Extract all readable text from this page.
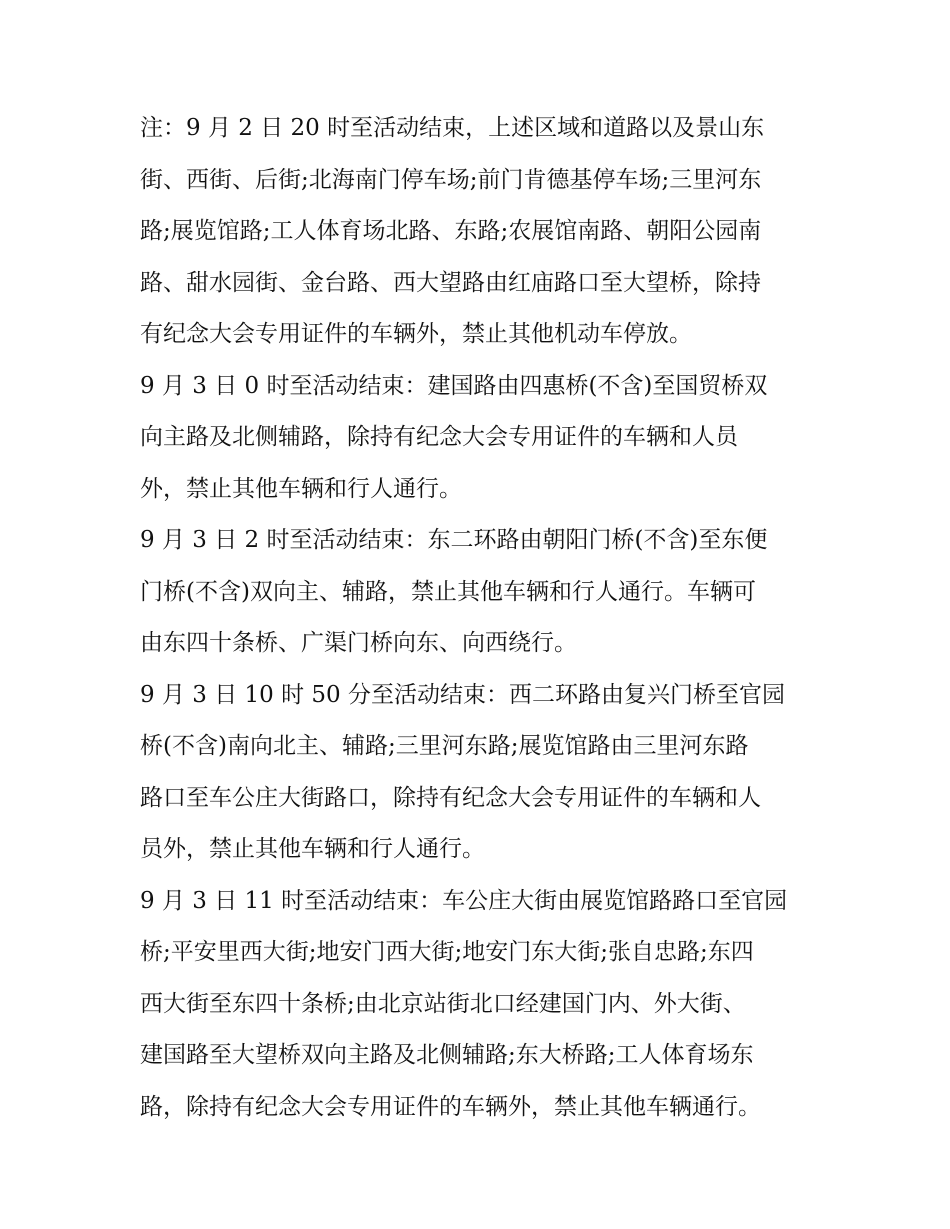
注：9 月 2 日 20 时至活动结束，上述区域和道路以及景山东
街、西街、后街;北海南门停车场;前门肯德基停车场;三里河东
路;展览馆路;工人体育场北路、东路;农展馆南路、朝阳公园南
路、甜水园街、金台路、西大望路由红庙路口至大望桥，除持
有纪念大会专用证件的车辆外，禁止其他机动车停放。

9 月 3 日 0 时至活动结束：建国路由四惠桥(不含)至国贸桥双
向主路及北侧辅路，除持有纪念大会专用证件的车辆和人员
外，禁止其他车辆和行人通行。

9 月 3 日 2 时至活动结束：东二环路由朝阳门桥(不含)至东便
门桥(不含)双向主、辅路，禁止其他车辆和行人通行。车辆可
由东四十条桥、广渠门桥向东、向西绕行。

9 月 3 日 10 时 50 分至活动结束：西二环路由复兴门桥至官园
桥(不含)南向北主、辅路;三里河东路;展览馆路由三里河东路
路口至车公庄大街路口，除持有纪念大会专用证件的车辆和人
员外，禁止其他车辆和行人通行。

9 月 3 日 11 时至活动结束：车公庄大街由展览馆路路口至官园
桥;平安里西大街;地安门西大街;地安门东大街;张自忠路;东四
西大街至东四十条桥;由北京站街北口经建国门内、外大街、
建国路至大望桥双向主路及北侧辅路;东大桥路;工人体育场东
路，除持有纪念大会专用证件的车辆外，禁止其他车辆通行。
